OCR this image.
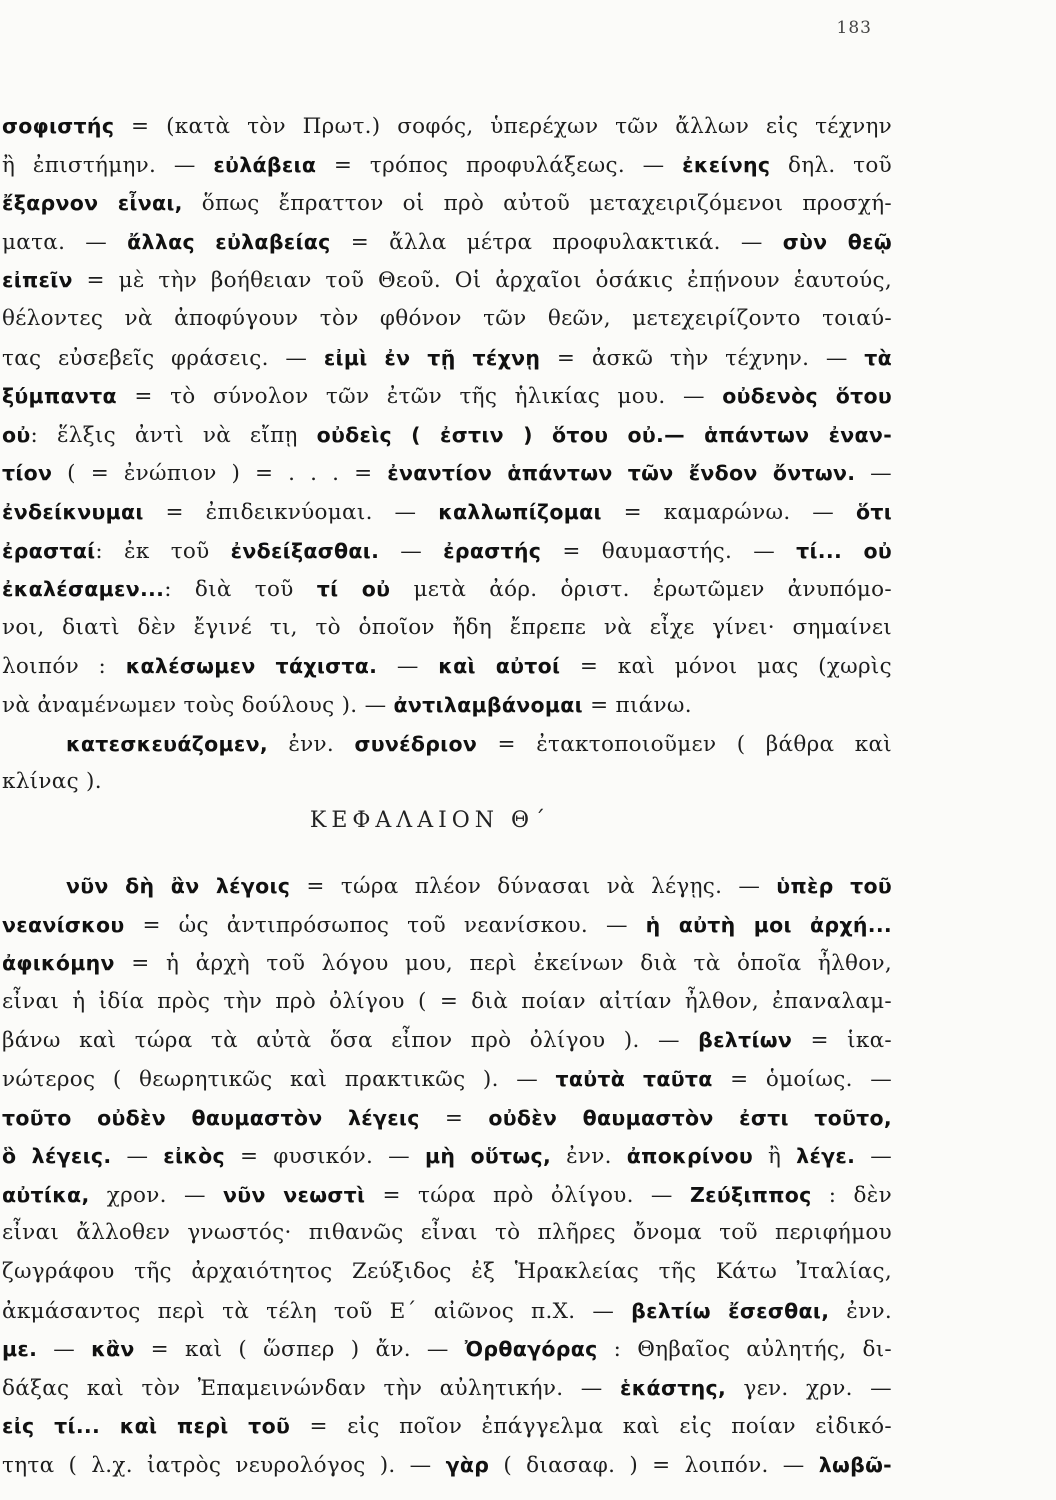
183
σοφιστής = (κατὰ τὸν Πρωτ.) σοφός, ὑπερέχων τῶν ἄλλων εἰς τέχνην
ἢ ἐπιστήμην. — εὐλάβεια = τρόπος προφυλάξεως. — ἐκείνης δηλ. τοῦ
ἔξαρνον εἶναι, ὅπως ἔπραττον οἱ πρὸ αὐτοῦ μεταχειριζόμενοι προσχή-
ματα. — ἄλλας εὐλαβείας = ἄλλα μέτρα προφυλακτικά. — σὺν θεῷ
εἰπεῖν = μὲ τὴν βοήθειαν τοῦ Θεοῦ. Οἱ ἀρχαῖοι ὁσάκις ἐπῄνουν ἑαυτούς,
θέλοντες νὰ ἀποφύγουν τὸν φθόνον τῶν θεῶν, μετεχειρίζοντο τοιαύ-
τας εὐσεβεῖς φράσεις. — εἰμὶ ἐν τῇ τέχνῃ = ἀσκῶ τὴν τέχνην. — τὰ
ξύμπαντα = τὸ σύνολον τῶν ἐτῶν τῆς ἡλικίας μου. — οὐδενὸς ὅτου
οὐ: ἕλξις ἀντὶ νὰ εἴπῃ οὐδεὶς ( ἐστιν ) ὅτου οὐ.— ἁπάντων ἐναν-
τίον ( = ἐνώπιον ) = . . . = ἐναντίον ἁπάντων τῶν ἔνδον ὄντων. —
ἐνδείκνυμαι = ἐπιδεικνύομαι. — καλλωπίζομαι = καμαρώνω. — ὅτι
ἐρασταί: ἐκ τοῦ ἐνδείξασθαι. — ἐραστής = θαυμαστής. — τί... οὐ
ἐκαλέσαμεν...: διὰ τοῦ τί οὐ μετὰ ἀόρ. ὁριστ. ἐρωτῶμεν ἀνυπόμο-
νοι, διατὶ δὲν ἔγινέ τι, τὸ ὁποῖον ἤδη ἔπρεπε νὰ εἶχε γίνει· σημαίνει
λοιπόν : καλέσωμεν τάχιστα. — καὶ αὐτοί = καὶ μόνοι μας (χωρὶς
νὰ ἀναμένωμεν τοὺς δούλους ). — ἀντιλαμβάνομαι = πιάνω.
κατεσκευάζομεν, ἐνν. συνέδριον = ἐτακτοποιοῦμεν ( βάθρα καὶ
κλίνας ).
ΚΕΦΑΛΑΙΟΝ Θ΄
νῦν δὴ ἂν λέγοις = τώρα πλέον δύνασαι νὰ λέγῃς. — ὑπὲρ τοῦ
νεανίσκου = ὡς ἀντιπρόσωπος τοῦ νεανίσκου. — ἡ αὐτὴ μοι ἀρχή...
ἀφικόμην = ἡ ἀρχὴ τοῦ λόγου μου, περὶ ἐκείνων διὰ τὰ ὁποῖα ἦλθον,
εἶναι ἡ ἰδία πρὸς τὴν πρὸ ὀλίγου ( = διὰ ποίαν αἰτίαν ἦλθον, ἐπαναλαμ-
βάνω καὶ τώρα τὰ αὐτὰ ὅσα εἶπον πρὸ ὀλίγου ). — βελτίων = ἱκα-
νώτερος ( θεωρητικῶς καὶ πρακτικῶς ). — ταὐτὰ ταῦτα = ὁμοίως. —
τοῦτο οὐδὲν θαυμαστὸν λέγεις = οὐδὲν θαυμαστὸν ἐστι τοῦτο,
ὃ λέγεις. — εἰκὸς = φυσικόν. — μὴ οὕτως, ἐνν. ἀποκρίνου ἢ λέγε. —
αὐτίκα, χρον. — νῦν νεωστὶ = τώρα πρὸ ὀλίγου. — Ζεύξιππος : δὲν
εἶναι ἄλλοθεν γνωστός· πιθανῶς εἶναι τὸ πλῆρες ὄνομα τοῦ περιφήμου
ζωγράφου τῆς ἀρχαιότητος Ζεύξιδος ἐξ Ἡρακλείας τῆς Κάτω Ἰταλίας,
ἀκμάσαντος περὶ τὰ τέλη τοῦ Ε΄ αἰῶνος π.Χ. — βελτίω ἔσεσθαι, ἐνν.
με. — κἂν = καὶ ( ὥσπερ ) ἄν. — Ὀρθαγόρας : Θηβαῖος αὐλητής, δι-
δάξας καὶ τὸν Ἐπαμεινώνδαν τὴν αὐλητικήν. — ἑκάστης, γεν. χρν. —
εἰς τί... καὶ περὶ τοῦ = εἰς ποῖον ἐπάγγελμα καὶ εἰς ποίαν εἰδικό-
τητα ( λ.χ. ἰατρὸς νευρολόγος ). — γὰρ ( διασαφ. ) = λοιπόν. — λωβῶ-
